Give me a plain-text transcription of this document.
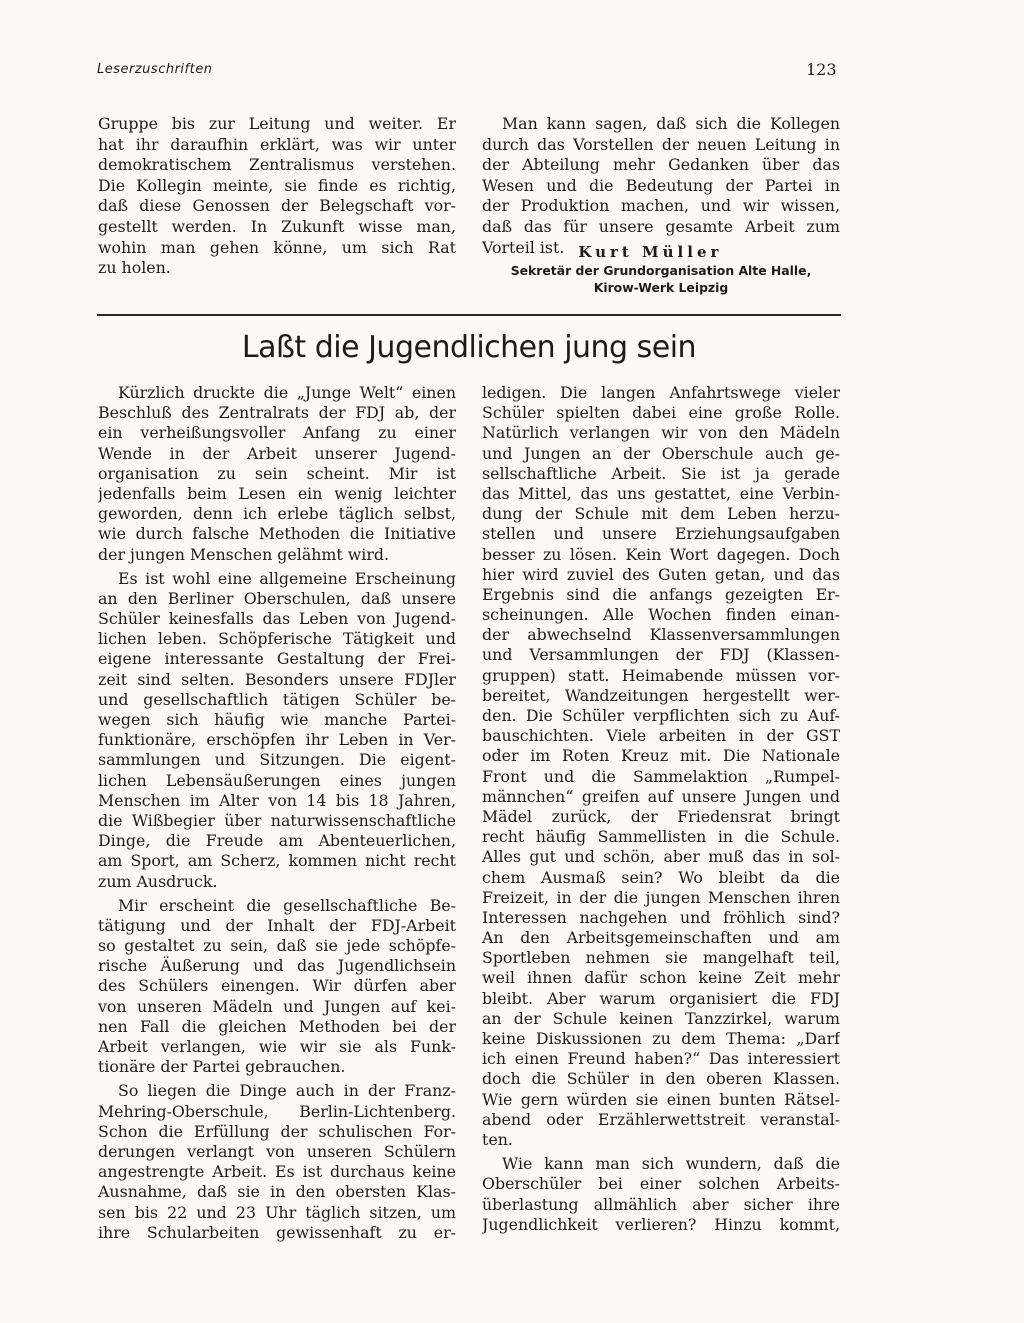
Leserzuschriften	123
Gruppe bis zur Leitung und weiter. Er
hat ihr daraufhin erklärt, was wir unter
demokratischem Zentralismus verstehen.
Die Kollegin meinte, sie finde es richtig,
daß diese Genossen der Belegschaft vor-
gestellt werden. In Zukunft wisse man,
wohin man gehen könne, um sich Rat
zu holen.
Man kann sagen, daß sich die Kollegen
durch das Vorstellen der neuen Leitung in
der Abteilung mehr Gedanken über das
Wesen und die Bedeutung der Partei in
der Produktion machen, und wir wissen,
daß das für unsere gesamte Arbeit zum
Vorteil ist. Kurt Müller
Sekretär der Grundorganisation Alte Halle,
Kirow-Werk Leipzig
Laßt die Jugendlichen jung sein
Kürzlich druckte die „Junge Welt“ einen
Beschluß des Zentralrats der FDJ ab, der
ein verheißungsvoller Anfang zu einer
Wende in der Arbeit unserer Jugend-
organisation zu sein scheint. Mir ist
jedenfalls beim Lesen ein wenig leichter
geworden, denn ich erlebe täglich selbst,
wie durch falsche Methoden die Initiative
der jungen Menschen gelähmt wird.
Es ist wohl eine allgemeine Erscheinung
an den Berliner Oberschulen, daß unsere
Schüler keinesfalls das Leben von Jugend-
lichen leben. Schöpferische Tätigkeit und
eigene interessante Gestaltung der Frei-
zeit sind selten. Besonders unsere FDJler
und gesellschaftlich tätigen Schüler be-
wegen sich häufig wie manche Partei-
funktionäre, erschöpfen ihr Leben in Ver-
sammlungen und Sitzungen. Die eigent-
lichen Lebensäußerungen eines jungen
Menschen im Alter von 14 bis 18 Jahren,
die Wißbegier über naturwissenschaftliche
Dinge, die Freude am Abenteuerlichen,
am Sport, am Scherz, kommen nicht recht
zum Ausdruck.
Mir erscheint die gesellschaftliche Be-
tätigung und der Inhalt der FDJ-Arbeit
so gestaltet zu sein, daß sie jede schöpfe-
rische Äußerung und das Jugendlichsein
des Schülers einengen. Wir dürfen aber
von unseren Mädeln und Jungen auf kei-
nen Fall die gleichen Methoden bei der
Arbeit verlangen, wie wir sie als Funk-
tionäre der Partei gebrauchen.
So liegen die Dinge auch in der Franz-
Mehring-Oberschule, Berlin-Lichtenberg.
Schon die Erfüllung der schulischen For-
derungen verlangt von unseren Schülern
angestrengte Arbeit. Es ist durchaus keine
Ausnahme, daß sie in den obersten Klas-
sen bis 22 und 23 Uhr täglich sitzen, um
ihre Schularbeiten gewissenhaft zu er-
ledigen. Die langen Anfahrtswege vieler
Schüler spielten dabei eine große Rolle.
Natürlich verlangen wir von den Mädeln
und Jungen an der Oberschule auch ge-
sellschaftliche Arbeit. Sie ist ja gerade
das Mittel, das uns gestattet, eine Verbin-
dung der Schule mit dem Leben herzu-
stellen und unsere Erziehungsaufgaben
besser zu lösen. Kein Wort dagegen. Doch
hier wird zuviel des Guten getan, und das
Ergebnis sind die anfangs gezeigten Er-
scheinungen. Alle Wochen finden einan-
der abwechselnd Klassenversammlungen
und Versammlungen der FDJ (Klassen-
gruppen) statt. Heimabende müssen vor-
bereitet, Wandzeitungen hergestellt wer-
den. Die Schüler verpflichten sich zu Auf-
bauschichten. Viele arbeiten in der GST
oder im Roten Kreuz mit. Die Nationale
Front und die Sammelaktion „Rumpel-
männchen“ greifen auf unsere Jungen und
Mädel zurück, der Friedensrat bringt
recht häufig Sammellisten in die Schule.
Alles gut und schön, aber muß das in sol-
chem Ausmaß sein? Wo bleibt da die
Freizeit, in der die jungen Menschen ihren
Interessen nachgehen und fröhlich sind?
An den Arbeitsgemeinschaften und am
Sportleben nehmen sie mangelhaft teil,
weil ihnen dafür schon keine Zeit mehr
bleibt. Aber warum organisiert die FDJ
an der Schule keinen Tanzzirkel, warum
keine Diskussionen zu dem Thema: „Darf
ich einen Freund haben?“ Das interessiert
doch die Schüler in den oberen Klassen.
Wie gern würden sie einen bunten Rätsel-
abend oder Erzählerwettstreit veranstal-
ten.
Wie kann man sich wundern, daß die
Oberschüler bei einer solchen Arbeits-
überlastung allmählich aber sicher ihre
Jugendlichkeit verlieren? Hinzu kommt,
